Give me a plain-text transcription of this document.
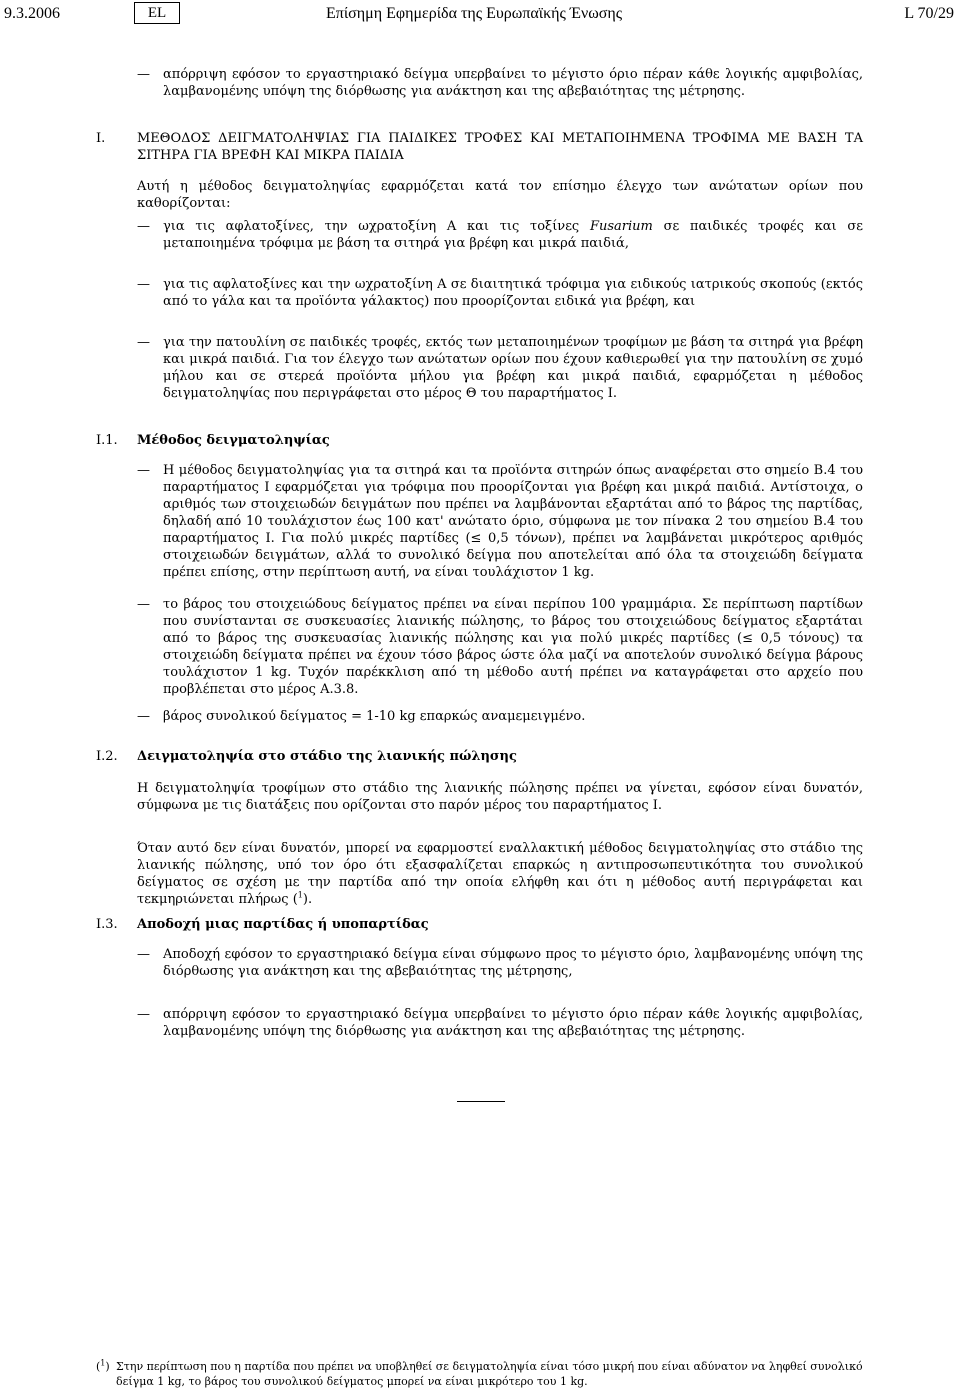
9.3.2006	EL	Επίσημη Εφημερίδα της Ευρωπαϊκής Ένωσης	L 70/29
— απόρριψη εφόσον το εργαστηριακό δείγμα υπερβαίνει το μέγιστο όριο πέραν κάθε λογικής αμφιβολίας, λαμβανομένης υπόψη της διόρθωσης για ανάκτηση και της αβεβαιότητας της μέτρησης.

I. ΜΕΘΟΔΟΣ ΔΕΙΓΜΑΤΟΛΗΨΙΑΣ ΓΙΑ ΠΑΙΔΙΚΕΣ ΤΡΟΦΕΣ ΚΑΙ ΜΕΤΑΠΟΙΗΜΕΝΑ ΤΡΟΦΙΜΑ ΜΕ ΒΑΣΗ ΤΑ ΣΙΤΗΡΑ ΓΙΑ ΒΡΕΦΗ ΚΑΙ ΜΙΚΡΑ ΠΑΙΔΙΑ

Αυτή η μέθοδος δειγματοληψίας εφαρμόζεται κατά τον επίσημο έλεγχο των ανώτατων ορίων που καθορίζονται:

— για τις αφλατοξίνες, την ωχρατοξίνη Α και τις τοξίνες Fusarium σε παιδικές τροφές και σε μεταποιημένα τρόφιμα με βάση τα σιτηρά για βρέφη και μικρά παιδιά,

— για τις αφλατοξίνες και την ωχρατοξίνη Α σε διαιτητικά τρόφιμα για ειδικούς ιατρικούς σκοπούς (εκτός από το γάλα και τα προϊόντα γάλακτος) που προορίζονται ειδικά για βρέφη, και

— για την πατουλίνη σε παιδικές τροφές, εκτός των μεταποιημένων τροφίμων με βάση τα σιτηρά για βρέφη και μικρά παιδιά. Για τον έλεγχο των ανώτατων ορίων που έχουν καθιερωθεί για την πατουλίνη σε χυμό μήλου και σε στερεά προϊόντα μήλου για βρέφη και μικρά παιδιά, εφαρμόζεται η μέθοδος δειγματοληψίας που περιγράφεται στο μέρος Θ του παραρτήματος Ι.

I.1. Μέθοδος δειγματοληψίας
— Η μέθοδος δειγματοληψίας για τα σιτηρά και τα προϊόντα σιτηρών όπως αναφέρεται στο σημείο Β.4 του παραρτήματος Ι εφαρμόζεται για τρόφιμα που προορίζονται για βρέφη και μικρά παιδιά. Αντίστοιχα, ο αριθμός των στοιχειωδών δειγμάτων που πρέπει να λαμβάνονται εξαρτάται από το βάρος της παρτίδας, δηλαδή από 10 τουλάχιστον έως 100 κατ' ανώτατο όριο, σύμφωνα με τον πίνακα 2 του σημείου Β.4 του παραρτήματος Ι. Για πολύ μικρές παρτίδες (≤ 0,5 τόνων), πρέπει να λαμβάνεται μικρότερος αριθμός στοιχειωδών δειγμάτων, αλλά το συνολικό δείγμα που αποτελείται από όλα τα στοιχειώδη δείγματα πρέπει επίσης, στην περίπτωση αυτή, να είναι τουλάχιστον 1 kg.

— το βάρος του στοιχειώδους δείγματος πρέπει να είναι περίπου 100 γραμμάρια. Σε περίπτωση παρτίδων που συνίστανται σε συσκευασίες λιανικής πώλησης, το βάρος του στοιχειώδους δείγματος εξαρτάται από το βάρος της συσκευασίας λιανικής πώλησης και για πολύ μικρές παρτίδες (≤ 0,5 τόνους) τα στοιχειώδη δείγματα πρέπει να έχουν τόσο βάρος ώστε όλα μαζί να αποτελούν συνολικό δείγμα βάρους τουλάχιστον 1 kg. Τυχόν παρέκκλιση από τη μέθοδο αυτή πρέπει να καταγράφεται στο αρχείο που προβλέπεται στο μέρος Α.3.8.

— βάρος συνολικού δείγματος = 1-10 kg επαρκώς αναμεμειγμένο.

I.2. Δειγματοληψία στο στάδιο της λιανικής πώλησης

Η δειγματοληψία τροφίμων στο στάδιο της λιανικής πώλησης πρέπει να γίνεται, εφόσον είναι δυνατόν, σύμφωνα με τις διατάξεις που ορίζονται στο παρόν μέρος του παραρτήματος Ι.

Όταν αυτό δεν είναι δυνατόν, μπορεί να εφαρμοστεί εναλλακτική μέθοδος δειγματοληψίας στο στάδιο της λιανικής πώλησης, υπό τον όρο ότι εξασφαλίζεται επαρκώς η αντιπροσωπευτικότητα του συνολικού δείγματος σε σχέση με την παρτίδα από την οποία ελήφθη και ότι η μέθοδος αυτή περιγράφεται και τεκμηριώνεται πλήρως ($^1$).

I.3. Αποδοχή μιας παρτίδας ή υποπαρτίδας
— Αποδοχή εφόσον το εργαστηριακό δείγμα είναι σύμφωνο προς το μέγιστο όριο, λαμβανομένης υπόψη της διόρθωσης για ανάκτηση και της αβεβαιότητας της μέτρησης,

— απόρριψη εφόσον το εργαστηριακό δείγμα υπερβαίνει το μέγιστο όριο πέραν κάθε λογικής αμφιβολίας, λαμβανομένης υπόψη της διόρθωσης για ανάκτηση και της αβεβαιότητας της μέτρησης.

($^1$) Στην περίπτωση που η παρτίδα που πρέπει να υποβληθεί σε δειγματοληψία είναι τόσο μικρή που είναι αδύνατον να ληφθεί συνολικό δείγμα 1 kg, το βάρος του συνολικού δείγματος μπορεί να είναι μικρότερο του 1 kg.
